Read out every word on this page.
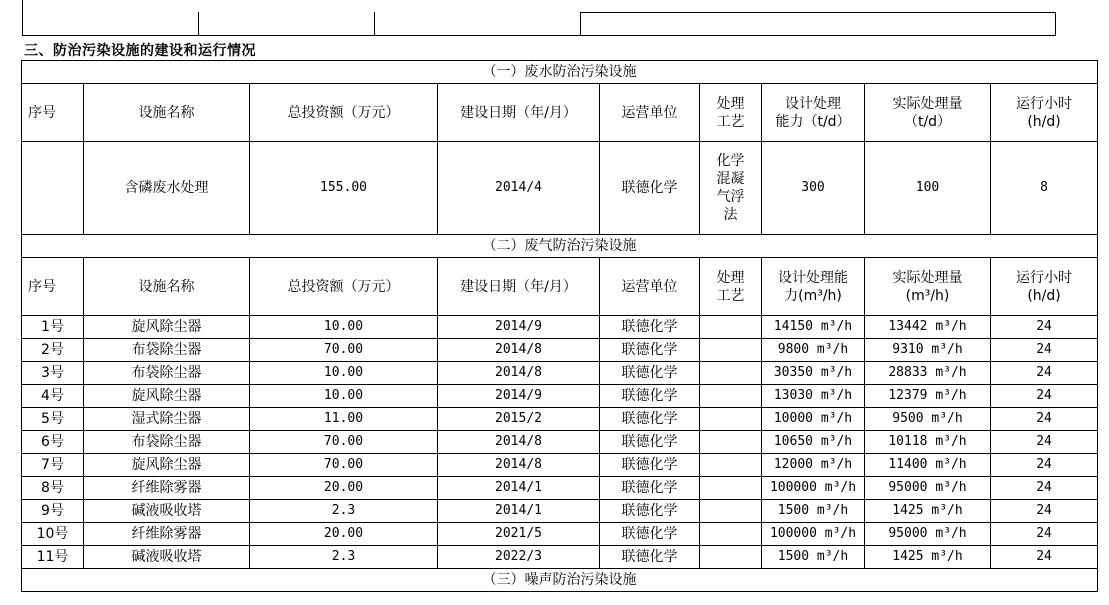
三、防治污染设施的建设和运行情况
（一）废水防治污染设施								
序号	设施名称	总投资额（万元）	建设日期（年/月）	运营单位	处理
工艺	设计处理
能力（t/d）	实际处理量
（t/d）	运行小时
(h/d)
	含磷废水处理	155.00	2014/4	联德化学	化学
混凝
气浮
法	300	100	8
（二）废气防治污染设施								
序号	设施名称	总投资额（万元）	建设日期（年/月）	运营单位	处理
工艺	设计处理能
力(m³/h)	实际处理量
(m³/h)	运行小时
(h/d)
1号	旋风除尘器	10.00	2014/9	联德化学		14150 m³/h	13442 m³/h	24
2号	布袋除尘器	70.00	2014/8	联德化学		9800 m³/h	9310 m³/h	24
3号	布袋除尘器	10.00	2014/8	联德化学		30350 m³/h	28833 m³/h	24
4号	旋风除尘器	10.00	2014/9	联德化学		13030 m³/h	12379 m³/h	24
5号	湿式除尘器	11.00	2015/2	联德化学		10000 m³/h	9500 m³/h	24
6号	布袋除尘器	70.00	2014/8	联德化学		10650 m³/h	10118 m³/h	24
7号	旋风除尘器	70.00	2014/8	联德化学		12000 m³/h	11400 m³/h	24
8号	纤维除雾器	20.00	2014/1	联德化学		100000 m³/h	95000 m³/h	24
9号	碱液吸收塔	2.3	2014/1	联德化学		1500 m³/h	1425 m³/h	24
10号	纤维除雾器	20.00	2021/5	联德化学		100000 m³/h	95000 m³/h	24
11号	碱液吸收塔	2.3	2022/3	联德化学		1500 m³/h	1425 m³/h	24
（三）噪声防治污染设施								
